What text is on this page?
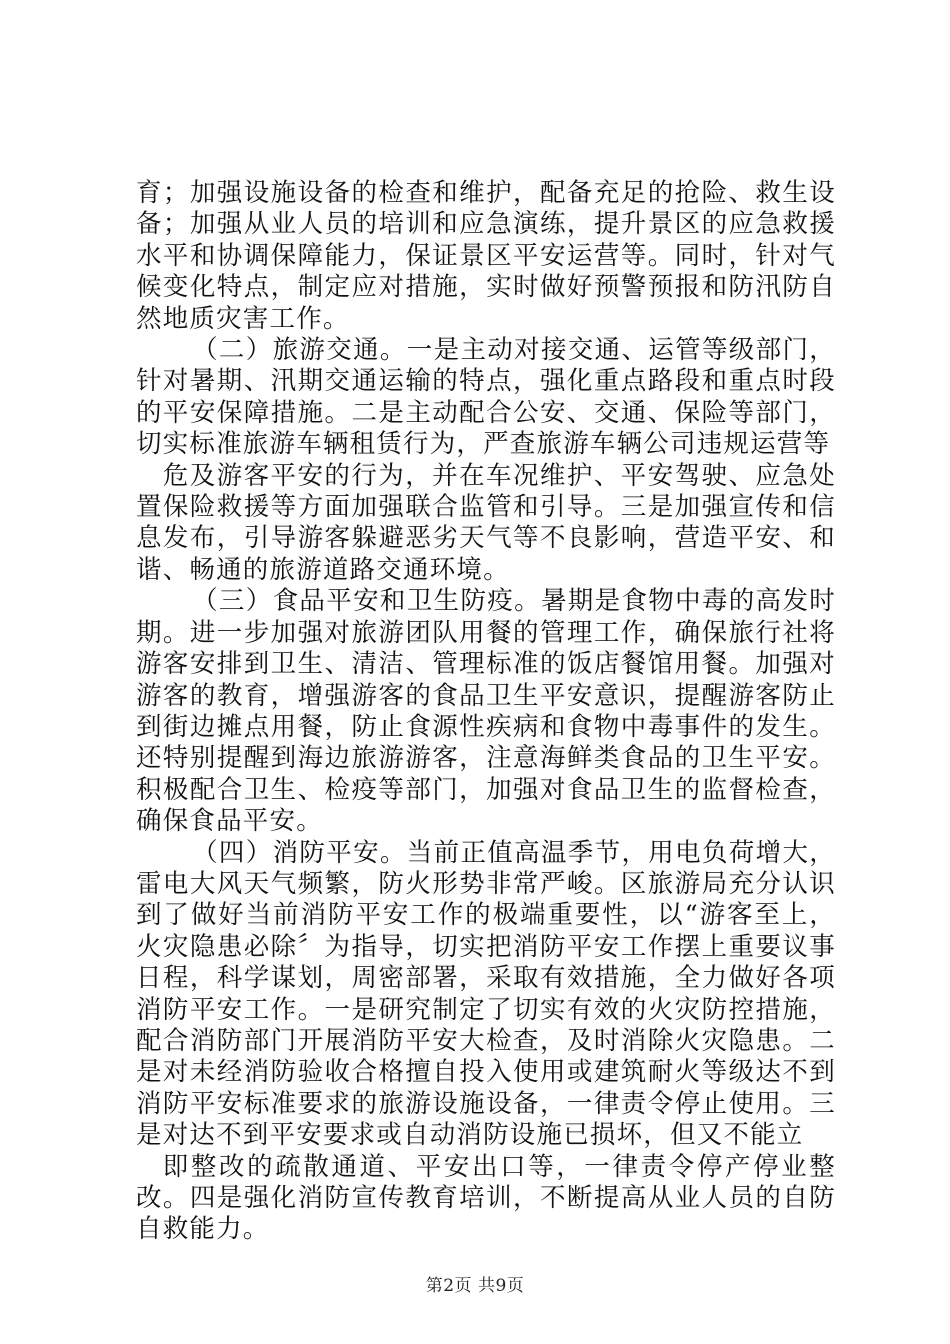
育；加强设施设备的检查和维护，配备充足的抢险、救生设备；加强从业人员的培训和应急演练，提升景区的应急救援水平和协调保障能力，保证景区平安运营等。同时，针对气候变化特点，制定应对措施，实时做好预警预报和防汛防自然地质灾害工作。

（二）旅游交通。一是主动对接交通、运管等级部门，针对暑期、汛期交通运输的特点，强化重点路段和重点时段的平安保障措施。二是主动配合公安、交通、保险等部门，切实标准旅游车辆租赁行为，严查旅游车辆公司违规运营等

危及游客平安的行为，并在车况维护、平安驾驶、应急处置保险救援等方面加强联合监管和引导。三是加强宣传和信息发布，引导游客躲避恶劣天气等不良影响，营造平安、和谐、畅通的旅游道路交通环境。

（三）食品平安和卫生防疫。暑期是食物中毒的高发时期。进一步加强对旅游团队用餐的管理工作，确保旅行社将游客安排到卫生、清洁、管理标准的饭店餐馆用餐。加强对游客的教育，增强游客的食品卫生平安意识，提醒游客防止到街边摊点用餐，防止食源性疾病和食物中毒事件的发生。还特别提醒到海边旅游游客，注意海鲜类食品的卫生平安。积极配合卫生、检疫等部门，加强对食品卫生的监督检查，确保食品平安。

（四）消防平安。当前正值高温季节，用电负荷增大，雷电大风天气频繁，防火形势非常严峻。区旅游局充分认识到了做好当前消防平安工作的极端重要性，以“游客至上，火灾隐患必除〞为指导，切实把消防平安工作摆上重要议事日程，科学谋划，周密部署，采取有效措施，全力做好各项消防平安工作。一是研究制定了切实有效的火灾防控措施，配合消防部门开展消防平安大检查，及时消除火灾隐患。二是对未经消防验收合格擅自投入使用或建筑耐火等级达不到消防平安标准要求的旅游设施设备，一律责令停止使用。三是对达不到平安要求或自动消防设施已损坏，但又不能立

即整改的疏散通道、平安出口等，一律责令停产停业整改。四是强化消防宣传教育培训，不断提高从业人员的自防自救能力。

第2页 共9页
